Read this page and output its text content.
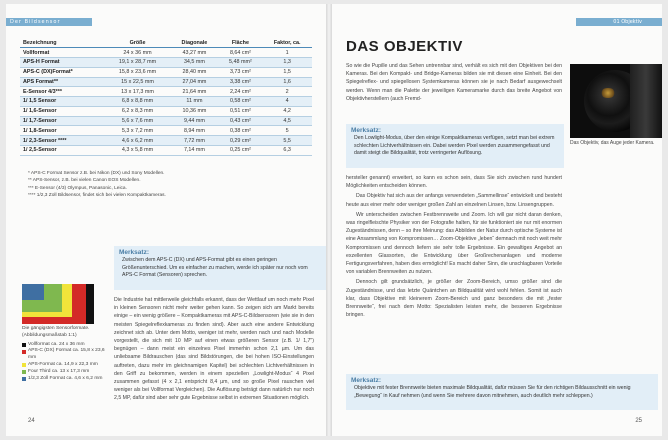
Der Bildsensor
Bezeichnung	Größe	Diagonale	Fläche	Faktor, ca.
Vollformat	24 x 36 mm	43,27 mm	8,64 cm²	1
APS-H Format	19,1 x 28,7 mm	34,5 mm	5,48 mm²	1,3
APS-C (DX)Format*	15,8 x 23,6 mm	28,40 mm	3,73 cm²	1,5
APS Format**	15 x 22,5 mm	27,04 mm	3,38 cm²	1,6
E-Sensor 4/3***	13 x 17,3 mm	21,64 mm	2,24 cm²	2
1/ 1,5 Sensor	6,8 x 8,8 mm	11 mm	0,58 cm²	4
1/ 1,6-Sensor	6,2 x 8,3 mm	10,36 mm	0,51 cm²	4,2
1/ 1,7-Sensor	5,6 x 7,6 mm	9,44 mm	0,43 cm²	4,5
1/ 1,8-Sensor	5,3 x 7,2 mm	8,94 mm	0,38 cm²	5
1/ 2,3-Sensor ****	4,6 x 6,2 mm	7,72 mm	0,29 cm²	5,5
1/ 2,5-Sensor	4,3 x 5,8 mm	7,14 mm	0,25 cm²	6,3
* APS-C Format Sensor z.B. bei Nikon (DX) und Sony Modellen.
** APS-Sensor, z.B. bei vielen Canon EOS Modellen.
*** E-Sensor (4/3) Olympus, Panasonic, Leica.
**** 1/2,3 Zoll Bildsensor, findet sich bei vielen Kompaktkameras.
Merksatz:
Zwischen dem APS-C (DX) und APS-Format gibt es einen geringen Größenunterschied. Um es einfacher zu machen, werde ich später nur noch vom APS-C Format (Sensoren) sprechen.
Die gängigsten Sensorformate. (Abbildungsmaßstab 1:1)
Vollformat ca. 24 x 36 mm
APS-C (DX) Format ca. 15,8 x 23,6 mm
APS-Format ca. 14,9 x 22,3 mm
Four Third ca. 13 x 17,3 mm
1/2,3 Zoll Format ca. 4,6 x 6,2 mm
Die Industrie hat mittlerweile gleichfalls erkannt, dass der Wettlauf um noch mehr Pixel in kleinen Sensoren nicht mehr weiter gehen kann. So zeigen sich am Markt bereits einige – ein wenig größere – Kompaktkameras mit APS-C-Bildsensoren (wie sie in den meisten Spiegelreflexkameras zu finden sind). Aber auch eine andere Entwicklung zeichnet sich ab. Unter dem Motto, weniger ist mehr, werden nach und nach Modelle vorgestellt, die sich mit 10 MP auf einen etwas größeren Sensor (z.B. 1/ 1,7") begnügen – dann meist ein einzelnes Pixel immerhin schon 2,1 µm. Um das unliebsame Bildrauschen (das sind Bildstörungen, die bei hohen ISO-Einstellungen auftreten, dazu mehr im gleichnamigen Kapitel) bei schlechten Lichtverhältnissen in den Griff zu bekommen, werden in einem speziellen „Lowlight-Modus“ 4 Pixel zusammen gefasst (4 x 2,1 entspricht 8,4 µm, und so große Pixel rauschen viel weniger als bei Vollformat Vergleichen). Die Auflösung beträgt dann natürlich nur noch 2,5 MP, dafür sind aber sehr gute Ergebnisse selbst in extremen Situationen möglich.
24
01 Objektiv
DAS OBJEKTIV
So wie die Pupille und das Sehen untrennbar sind, verhält es sich mit den Objektiven bei den Kameras. Bei den Kompakt- und Bridge-Kameras bilden sie mit diesen eine Einheit. Bei den Spiegelreflex- und spiegellosen Systemkameras können sie je nach Bedarf ausgewechselt werden. Wenn man die Palette der jeweiligen Kameramarke durch das breite Angebot von Objektivherstellern (auch Fremd-
Das Objektiv, das Auge jeder Kamera.
Merksatz:
Den Lowlight-Modus, über den einige Kompaktkameras verfügen, setzt man bei extrem schlechten Lichtverhältnissen ein. Dabei werden Pixel werden zusammengefasst und damit steigt die Bildqualität, trotz verringerter Auflösung.

hersteller genannt) erweitert, so kann es schon sein, dass Sie sich zwischen rund hundert Möglichkeiten entscheiden können.

Das Objektiv hat sich aus der anfangs verwendeten „Sammellinse“ entwickelt und besteht heute aus einer mehr oder weniger großen Zahl an einzelnen Linsen, bzw. Linsengruppen.

Wir unterscheiden zwischen Festbrennweite und Zoom. Ich will gar nicht daran denken, was ringelfleischte Physiker von der Fotografie halten, für sie funktioniert sie nur mit enormen Zugeständnissen, denn – so ihre Meinung: das Abbilden der Natur durch optische Systeme ist eine Ansammlung von Kompromissen… Zoom-Objektive „leben“ demnach mit noch weit mehr Kompromissen und dennoch liefern sie sehr tolle Ergebnisse. Ein gewaltiges Angebot an exzellenten Glassorten, die Entwicklung über Großrechenanlagen und moderne Fertigungsverfahren, haben dies ermöglicht! Es macht daher Sinn, die unschlagbaren Vorteile von variablen Brennweiten zu nutzen.

Dennoch gilt grundsätzlich, je größer der Zoom-Bereich, umso größer sind die Zugeständnisse, und das letzte Quäntchen an Bildqualität wird wohl fehlen. Somit ist auch klar, dass Objektive mit kleinerem Zoom-Bereich und ganz besonders die mit „fester Brennweite“, frei nach dem Motto: Spezialisten leisten mehr, die besseren Ergebnisse bringen.

Merksatz:
Objektive mit fester Brennweite bieten maximale Bildqualität, dafür müssen Sie für den richtigen Bildausschnitt ein wenig „Bewegung“ in Kauf nehmen (und wenn Sie mehrere davon mitnehmen, auch deutlich mehr schleppen.)
25
